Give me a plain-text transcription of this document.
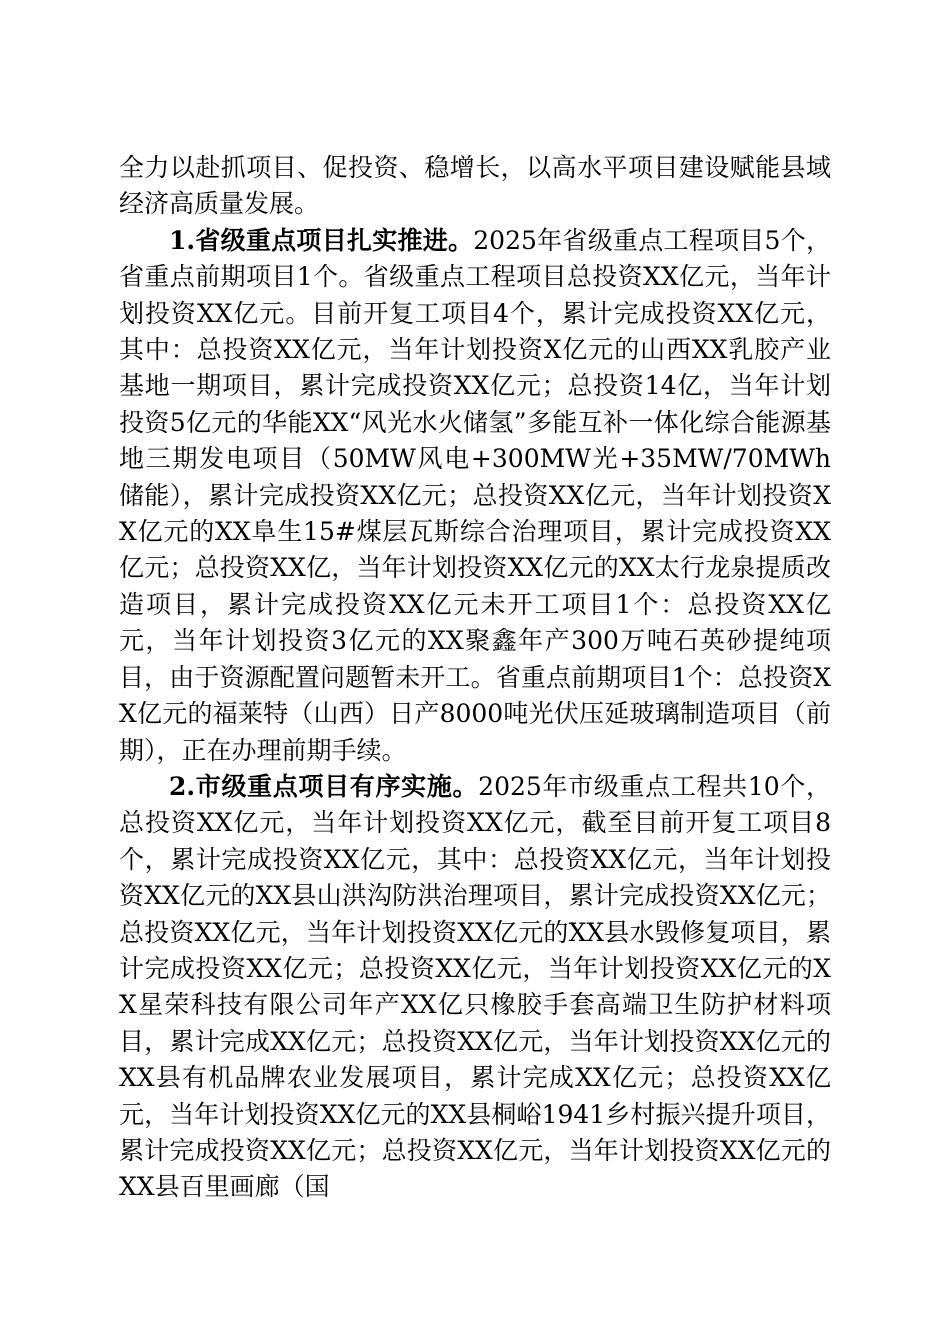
全力以赴抓项目、促投资、稳增长，以高水平项目建设赋能县域经济高质量发展。

1.省级重点项目扎实推进。2025年省级重点工程项目5个，省重点前期项目1个。省级重点工程项目总投资XX亿元，当年计划投资XX亿元。目前开复工项目4个，累计完成投资XX亿元，其中：总投资XX亿元，当年计划投资X亿元的山西XX乳胶产业基地一期项目，累计完成投资XX亿元；总投资14亿，当年计划投资5亿元的华能XX“风光水火储氢”多能互补一体化综合能源基地三期发电项目（50MW风电+300MW光+35MW/70MWh储能），累计完成投资XX亿元；总投资XX亿元，当年计划投资XX亿元的XX阜生15#煤层瓦斯综合治理项目，累计完成投资XX亿元；总投资XX亿，当年计划投资XX亿元的XX太行龙泉提质改造项目，累计完成投资XX亿元未开工项目1个：总投资XX亿元，当年计划投资3亿元的XX聚鑫年产300万吨石英砂提纯项目，由于资源配置问题暂未开工。省重点前期项目1个：总投资XX亿元的福莱特（山西）日产8000吨光伏压延玻璃制造项目（前期），正在办理前期手续。

2.市级重点项目有序实施。2025年市级重点工程共10个，总投资XX亿元，当年计划投资XX亿元，截至目前开复工项目8个，累计完成投资XX亿元，其中：总投资XX亿元，当年计划投资XX亿元的XX县山洪沟防洪治理项目，累计完成投资XX亿元；总投资XX亿元，当年计划投资XX亿元的XX县水毁修复项目，累计完成投资XX亿元；总投资XX亿元，当年计划投资XX亿元的XX星荣科技有限公司年产XX亿只橡胶手套高端卫生防护材料项目，累计完成XX亿元；总投资XX亿元，当年计划投资XX亿元的XX县有机品牌农业发展项目，累计完成XX亿元；总投资XX亿元，当年计划投资XX亿元的XX县桐峪1941乡村振兴提升项目，累计完成投资XX亿元；总投资XX亿元，当年计划投资XX亿元的XX县百里画廊（国
